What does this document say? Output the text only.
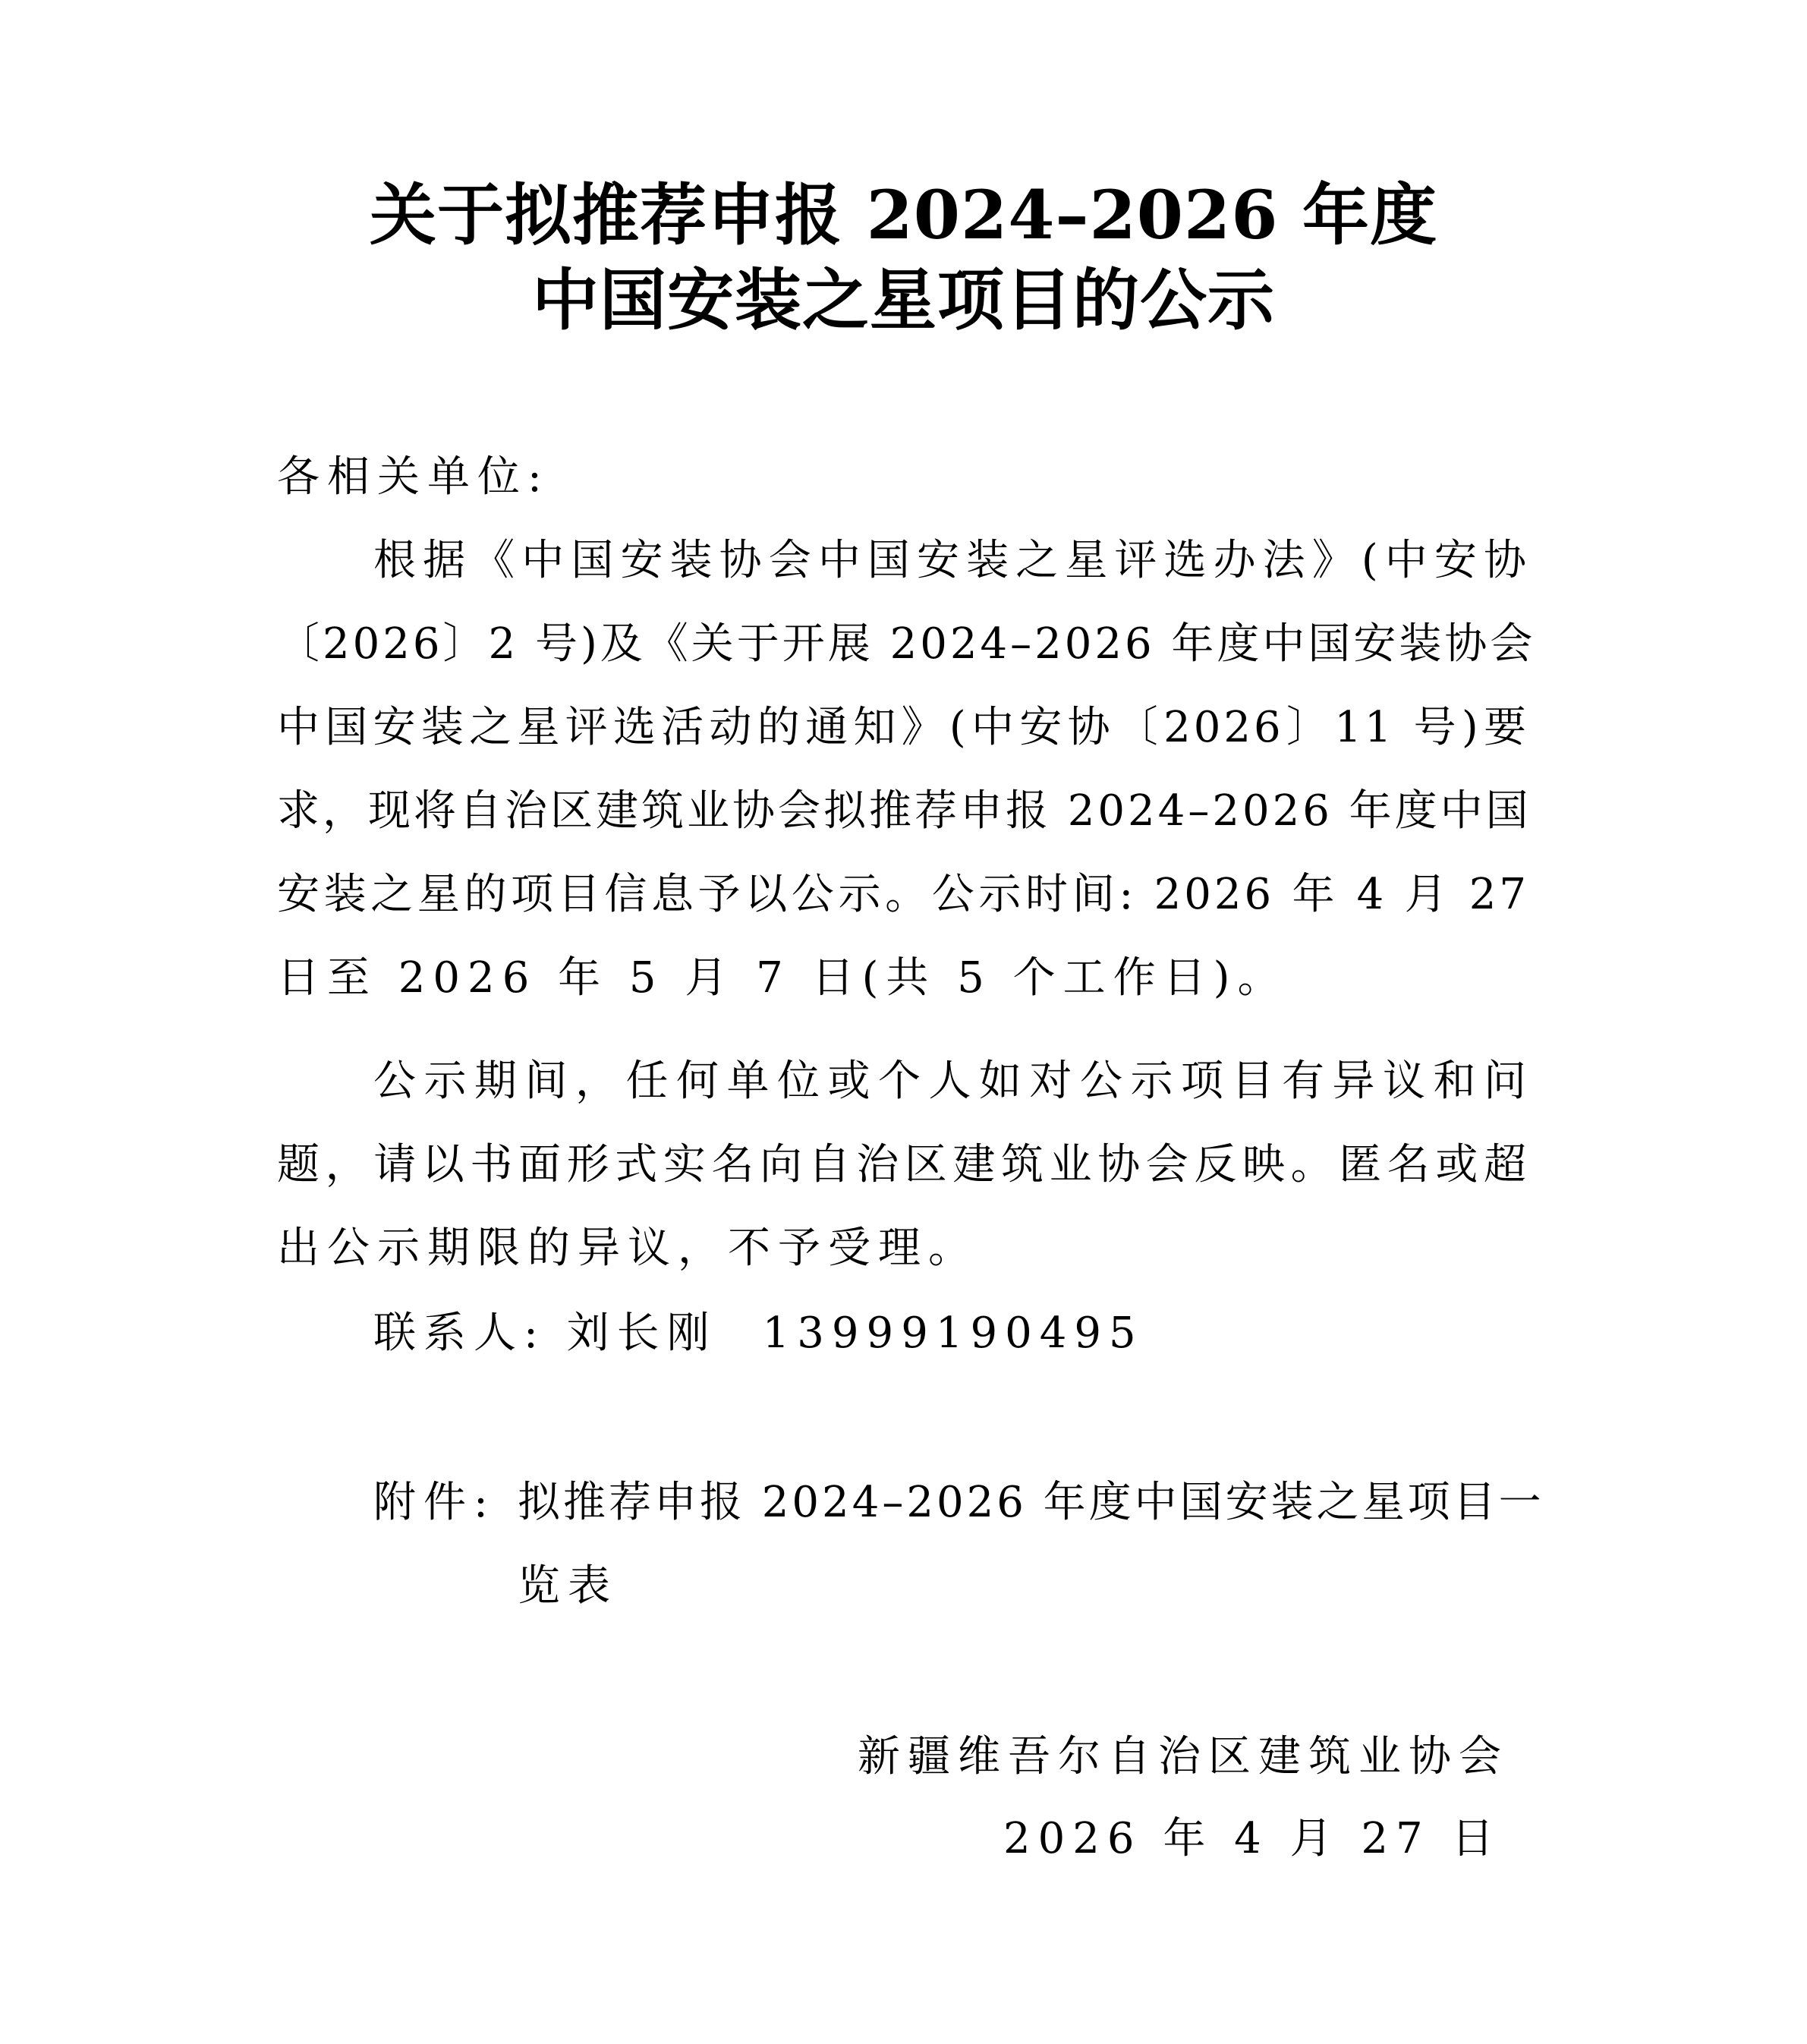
关于拟推荐申报 2024–2026 年度
中国安装之星项目的公示

各相关单位:

根据《中国安装协会中国安装之星评选办法》(中安协

〔2026〕2 号)及《关于开展 2024–2026 年度中国安装协会

中国安装之星评选活动的通知》(中安协〔2026〕11 号)要

求，现将自治区建筑业协会拟推荐申报 2024–2026 年度中国

安装之星的项目信息予以公示。公示时间: 2026 年 4 月 27

日至 2026 年 5 月 7 日(共 5 个工作日)。

公示期间，任何单位或个人如对公示项目有异议和问

题，请以书面形式实名向自治区建筑业协会反映。匿名或超

出公示期限的异议，不予受理。

联系人: 刘长刚 13999190495

附件: 拟推荐申报 2024–2026 年度中国安装之星项目一
览表

新疆维吾尔自治区建筑业协会

2026 年 4 月 27 日
